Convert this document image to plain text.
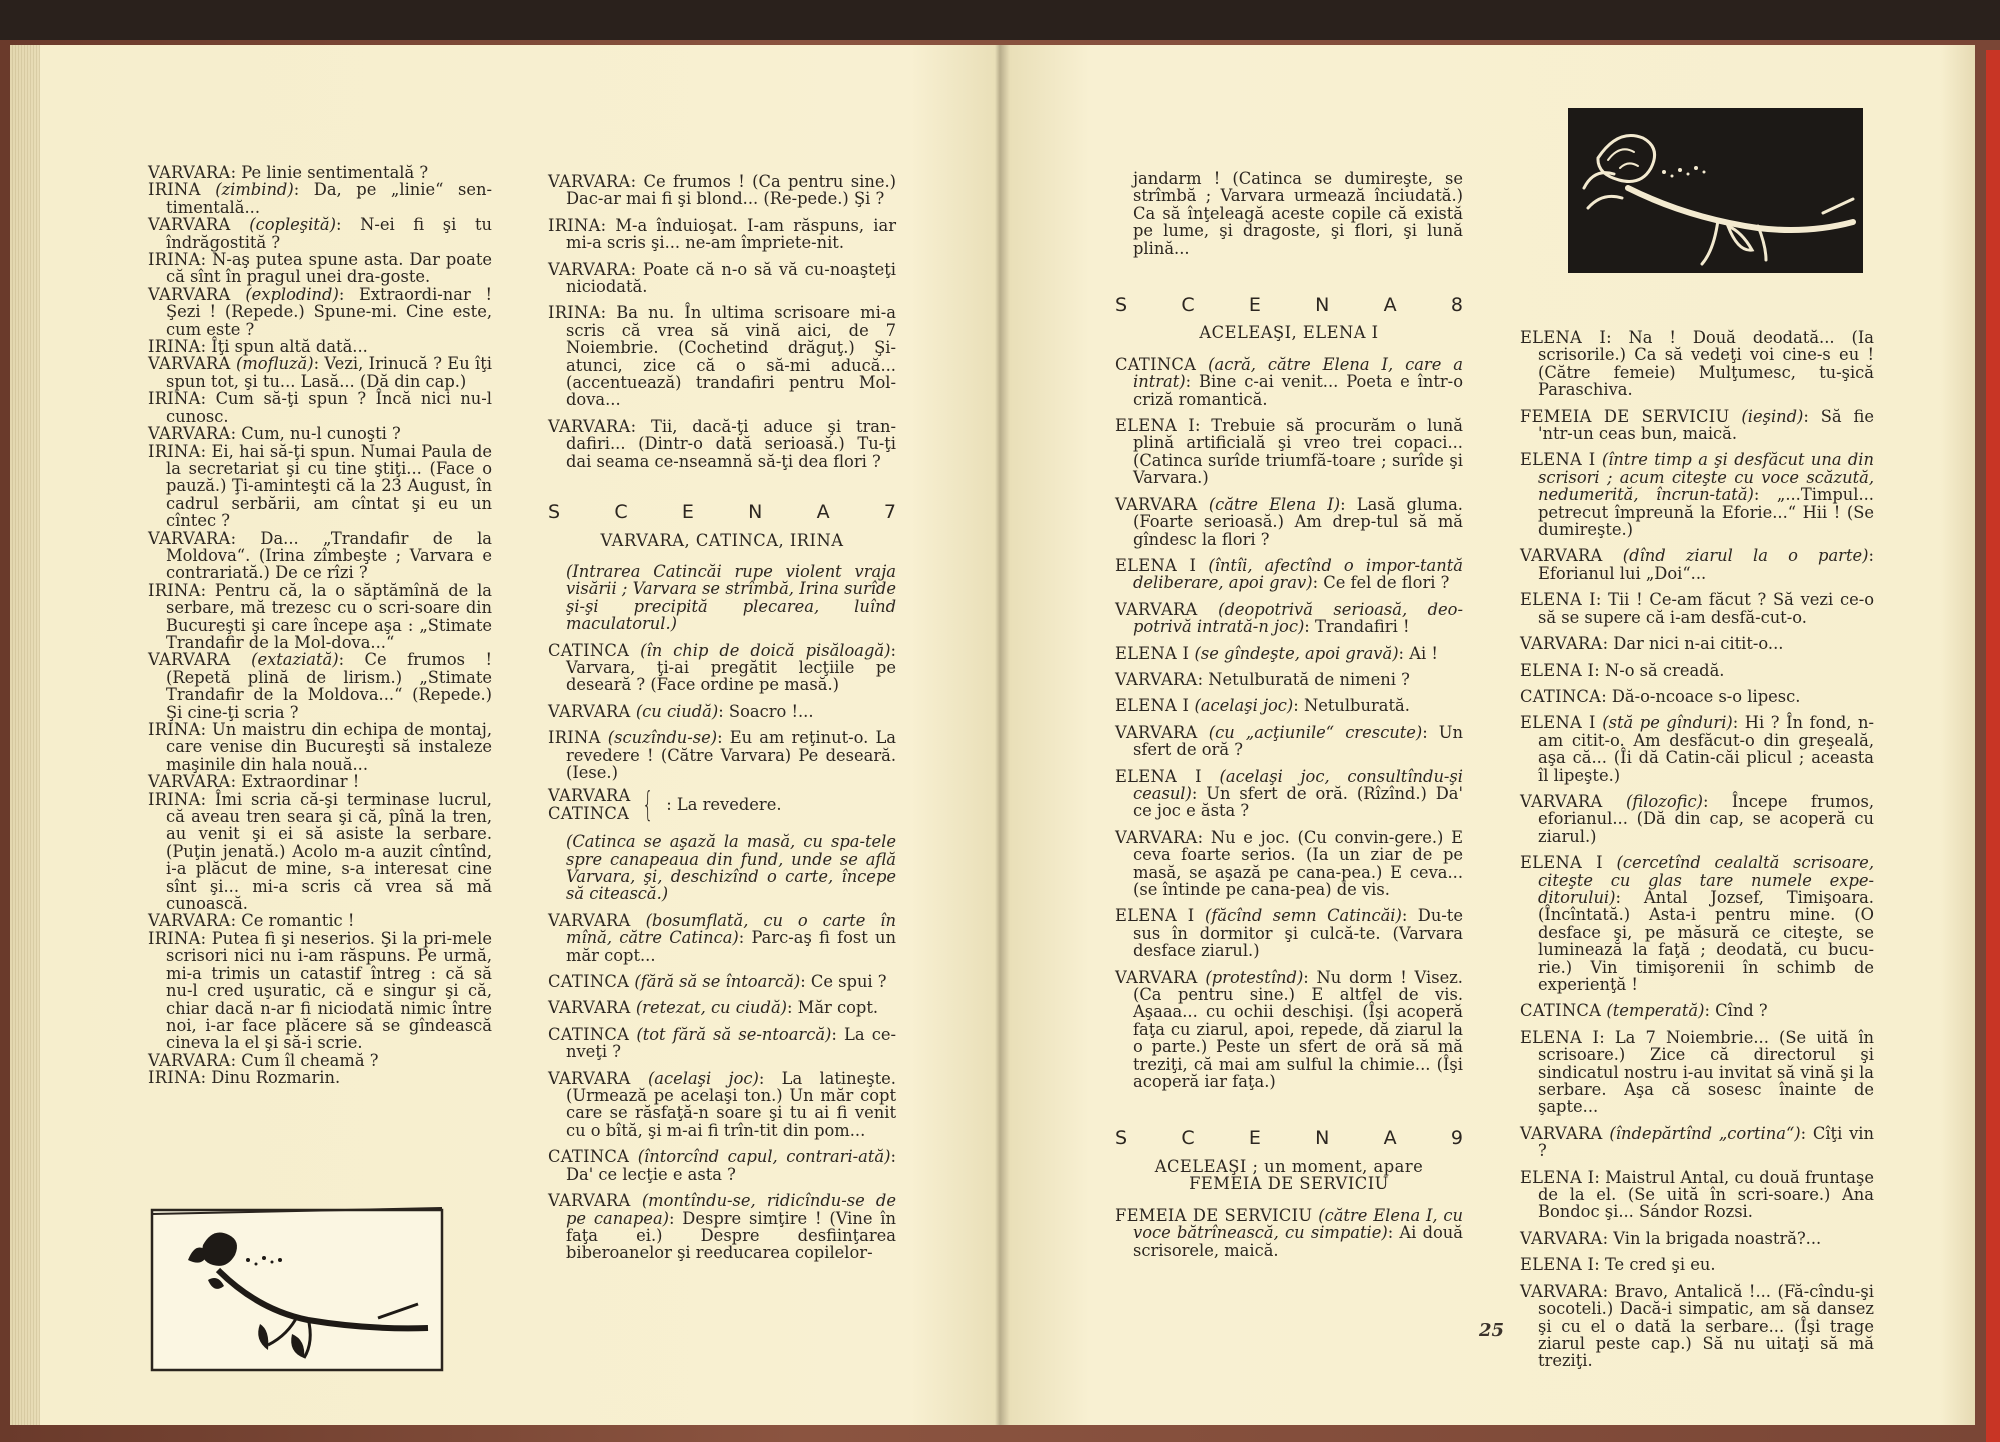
VARVARA: Pe linie sentimentală ?

IRINA (zimbind): Da, pe „linie“ sen-timentală...

VARVARA (copleşită): N-ei fi şi tu îndrăgostită ?

IRINA: N-aş putea spune asta. Dar poate că sînt în pragul unei dra-goste.

VARVARA (explodind): Extraordi-nar ! Şezi ! (Repede.) Spune-mi. Cine este, cum este ?

IRINA: Îţi spun altă dată...

VARVARA (mofluză): Vezi, Irinucă ? Eu îţi spun tot, şi tu... Lasă... (Dă din cap.)

IRINA: Cum să-ţi spun ? Încă nici nu-l cunosc.

VARVARA: Cum, nu-l cunoşti ?

IRINA: Ei, hai să-ţi spun. Numai Paula de la secretariat şi cu tine ştiţi... (Face o pauză.) Ţi-aminteşti că la 23 August, în cadrul serbării, am cîntat şi eu un cîntec ?

VARVARA: Da... „Trandafir de la Moldova“. (Irina zîmbeşte ; Varvara e contrariată.) De ce rîzi ?

IRINA: Pentru că, la o săptămînă de la serbare, mă trezesc cu o scri-soare din Bucureşti şi care începe aşa : „Stimate Trandafir de la Mol-dova...“

VARVARA (extaziată): Ce frumos ! (Repetă plină de lirism.) „Stimate Trandafir de la Moldova...“ (Repede.) Şi cine-ţi scria ?

IRINA: Un maistru din echipa de montaj, care venise din Bucureşti să instaleze maşinile din hala nouă...

VARVARA: Extraordinar !

IRINA: Îmi scria că-şi terminase lucrul, că aveau tren seara şi că, pînă la tren, au venit şi ei să asiste la serbare. (Puţin jenată.) Acolo m-a auzit cîntînd, i-a plăcut de mine, s-a interesat cine sînt şi... mi-a scris că vrea să mă cunoască.

VARVARA: Ce romantic !

IRINA: Putea fi şi neserios. Şi la pri-mele scrisori nici nu i-am răspuns. Pe urmă, mi-a trimis un catastif întreg : că să nu-l cred uşuratic, că e singur şi că, chiar dacă n-ar fi niciodată nimic între noi, i-ar face plăcere să se gîndească cineva la el şi să-i scrie.

VARVARA: Cum îl cheamă ?

IRINA: Dinu Rozmarin.

VARVARA: Ce frumos ! (Ca pentru sine.) Dac-ar mai fi şi blond... (Re-pede.) Şi ?

IRINA: M-a înduioşat. I-am răspuns, iar mi-a scris şi... ne-am împriete-nit.

VARVARA: Poate că n-o să vă cu-noaşteţi niciodată.

IRINA: Ba nu. În ultima scrisoare mi-a scris că vrea să vină aici, de 7 Noiembrie. (Cochetind drăguţ.) Şi-atunci, zice că o să-mi aducă... (accentuează) trandafiri pentru Mol-dova...

VARVARA: Tii, dacă-ţi aduce şi tran-dafiri... (Dintr-o dată serioasă.) Tu-ţi dai seama ce-nseamnă să-ţi dea flori ?

S	C	E	N	A	7
VARVARA, CATINCA, IRINA

(Intrarea Catincăi rupe violent vraja visării ; Varvara se strîmbă, Irina surîde şi-şi precipită plecarea, luînd maculatorul.)

CATINCA (în chip de doică pisăloagă): Varvara, ţi-ai pregătit lecţiile pe deseară ? (Face ordine pe masă.)

VARVARA (cu ciudă): Soacro !...

IRINA (scuzîndu-se): Eu am reţinut-o. La revedere ! (Către Varvara) Pe deseară. (Iese.)

VARVARA
CATINCA { : La revedere.

(Catinca se aşază la masă, cu spa-tele spre canapeaua din fund, unde se află Varvara, şi, deschizînd o carte, începe să citească.)

VARVARA (bosumflată, cu o carte în mînă, către Catinca): Parc-aş fi fost un măr copt...

CATINCA (fără să se întoarcă): Ce spui ?

VARVARA (retezat, cu ciudă): Măr copt.

CATINCA (tot fără să se-ntoarcă): La ce-nveţi ?

VARVARA (acelaşi joc): La latineşte. (Urmează pe acelaşi ton.) Un măr copt care se răsfaţă-n soare şi tu ai fi venit cu o bîtă, şi m-ai fi trîn-tit din pom...

CATINCA (întorcînd capul, contrari-ată): Da' ce lecţie e asta ?

VARVARA (montîndu-se, ridicîndu-se de pe canapea): Despre simţire ! (Vine în faţa ei.) Despre desfiinţarea biberoanelor şi reeducarea copilelor-

jandarm ! (Catinca se dumireşte, se strîmbă ; Varvara urmează înciudată.) Ca să înţeleagă aceste copile că există pe lume, şi dragoste, şi flori, şi lună plină...

S	C	E	N	A	8
ACELEAŞI, ELENA I

CATINCA (acră, către Elena I, care a intrat): Bine c-ai venit... Poeta e într-o criză romantică.

ELENA I: Trebuie să procurăm o lună plină artificială şi vreo trei copaci... (Catinca surîde triumfă-toare ; surîde şi Varvara.)

VARVARA (către Elena I): Lasă gluma. (Foarte serioasă.) Am drep-tul să mă gîndesc la flori ?

ELENA I (întîi, afectînd o impor-tantă deliberare, apoi grav): Ce fel de flori ?

VARVARA (deopotrivă serioasă, deo-potrivă intrată-n joc): Trandafiri !

ELENA I (se gîndeşte, apoi gravă): Ai !

VARVARA: Netulburată de nimeni ?

ELENA I (acelaşi joc): Netulburată.

VARVARA (cu „acţiunile“ crescute): Un sfert de oră ?

ELENA I (acelaşi joc, consultîndu-şi ceasul): Un sfert de oră. (Rîzînd.) Da' ce joc e ăsta ?

VARVARA: Nu e joc. (Cu convin-gere.) E ceva foarte serios. (Ia un ziar de pe masă, se aşază pe cana-pea.) E ceva... (se întinde pe cana-pea) de vis.

ELENA I (făcînd semn Catincăi): Du-te sus în dormitor şi culcă-te. (Varvara desface ziarul.)

VARVARA (protestînd): Nu dorm ! Visez. (Ca pentru sine.) E altfel de vis. Aşaaa... cu ochii deschişi. (Îşi acoperă faţa cu ziarul, apoi, repede, dă ziarul la o parte.) Peste un sfert de oră să mă treziţi, că mai am sulful la chimie... (Îşi acoperă iar faţa.)

S	C	E	N	A	9
ACELEAŞI ; un moment, apare
FEMEIA DE SERVICIU

FEMEIA DE SERVICIU (către Elena I, cu voce bătrînească, cu simpatie): Ai două scrisorele, maică.

ELENA I: Na ! Două deodată... (Ia scrisorile.) Ca să vedeţi voi cine-s eu ! (Către femeie) Mulţumesc, tu-şică Paraschiva.

FEMEIA DE SERVICIU (ieşind): Să fie 'ntr-un ceas bun, maică.

ELENA I (între timp a şi desfăcut una din scrisori ; acum citeşte cu voce scăzută, nedumerită, încrun-tată): „...Timpul... petrecut împreună la Eforie...“ Hii ! (Se dumireşte.)

VARVARA (dînd ziarul la o parte): Eforianul lui „Doi“...

ELENA I: Tii ! Ce-am făcut ? Să vezi ce-o să se supere că i-am desfă-cut-o.

VARVARA: Dar nici n-ai citit-o...

ELENA I: N-o să creadă.

CATINCA: Dă-o-ncoace s-o lipesc.

ELENA I (stă pe gînduri): Hi ? În fond, n-am citit-o. Am desfăcut-o din greşeală, aşa că... (Îi dă Catin-căi plicul ; aceasta îl lipeşte.)

VARVARA (filozofic): Începe frumos, eforianul... (Dă din cap, se acoperă cu ziarul.)

ELENA I (cercetînd cealaltă scrisoare, citeşte cu glas tare numele expe-ditorului): Antal Jozsef, Timişoara. (Încîntată.) Asta-i pentru mine. (O desface şi, pe măsură ce citeşte, se luminează la faţă ; deodată, cu bucu-rie.) Vin timişorenii în schimb de experienţă !

CATINCA (temperată): Cînd ?

ELENA I: La 7 Noiembrie... (Se uită în scrisoare.) Zice că directorul şi sindicatul nostru i-au invitat să vină şi la serbare. Aşa că sosesc înainte de şapte...

VARVARA (îndepărtînd „cortina“): Cîţi vin ?

ELENA I: Maistrul Antal, cu două fruntaşe de la el. (Se uită în scri-soare.) Ana Bondoc şi... Sándor Rozsi.

VARVARA: Vin la brigada noastră?...

ELENA I: Te cred şi eu.

VARVARA: Bravo, Antalică !... (Fă-cîndu-şi socoteli.) Dacă-i simpatic, am să dansez şi cu el o dată la serbare... (Îşi trage ziarul peste cap.) Să nu uitaţi să mă treziţi.

25
